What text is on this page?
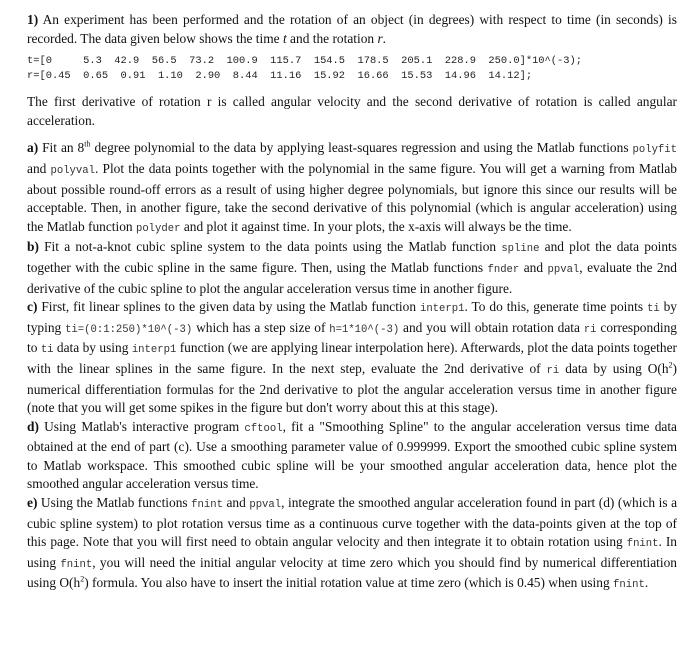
1) An experiment has been performed and the rotation of an object (in degrees) with respect to time (in seconds) is recorded. The data given below shows the time t and the rotation r.

t=[0     5.3  42.9  56.5  73.2  100.9  115.7  154.5  178.5  205.1  228.9  250.0]*10^(-3);
r=[0.45  0.65  0.91  1.10  2.90  8.44  11.16  15.92  16.66  15.53  14.96  14.12];

The first derivative of rotation r is called angular velocity and the second derivative of rotation is called angular acceleration.

a) Fit an 8th degree polynomial to the data by applying least-squares regression and using the Matlab functions polyfit and polyval. Plot the data points together with the polynomial in the same figure. You will get a warning from Matlab about possible round-off errors as a result of using higher degree polynomials, but ignore this since our results will be acceptable. Then, in another figure, take the second derivative of this polynomial (which is angular acceleration) using the Matlab function polyder and plot it against time. In your plots, the x-axis will always be the time.

b) Fit a not-a-knot cubic spline system to the data points using the Matlab function spline and plot the data points together with the cubic spline in the same figure. Then, using the Matlab functions fnder and ppval, evaluate the 2nd derivative of the cubic spline to plot the angular acceleration versus time in another figure.

c) First, fit linear splines to the given data by using the Matlab function interp1. To do this, generate time points ti by typing ti=(0:1:250)*10^(-3) which has a step size of h=1*10^(-3) and you will obtain rotation data ri corresponding to ti data by using interp1 function (we are applying linear interpolation here). Afterwards, plot the data points together with the linear splines in the same figure. In the next step, evaluate the 2nd derivative of ri data by using $O(h^2)$ numerical differentiation formulas for the 2nd derivative to plot the angular acceleration versus time in another figure (note that you will get some spikes in the figure but don't worry about this at this stage).

d) Using Matlab's interactive program cftool, fit a "Smoothing Spline" to the angular acceleration versus time data obtained at the end of part (c). Use a smoothing parameter value of 0.999999. Export the smoothed cubic spline system to Matlab workspace. This smoothed cubic spline will be your smoothed angular acceleration data, hence plot the smoothed angular acceleration versus time.

e) Using the Matlab functions fnint and ppval, integrate the smoothed angular acceleration found in part (d) (which is a cubic spline system) to plot rotation versus time as a continuous curve together with the data-points given at the top of this page. Note that you will first need to obtain angular velocity and then integrate it to obtain rotation using fnint. In using fnint, you will need the initial angular velocity at time zero which you should find by numerical differentiation using $O(h^2)$ formula. You also have to insert the initial rotation value at time zero (which is 0.45) when using fnint.
